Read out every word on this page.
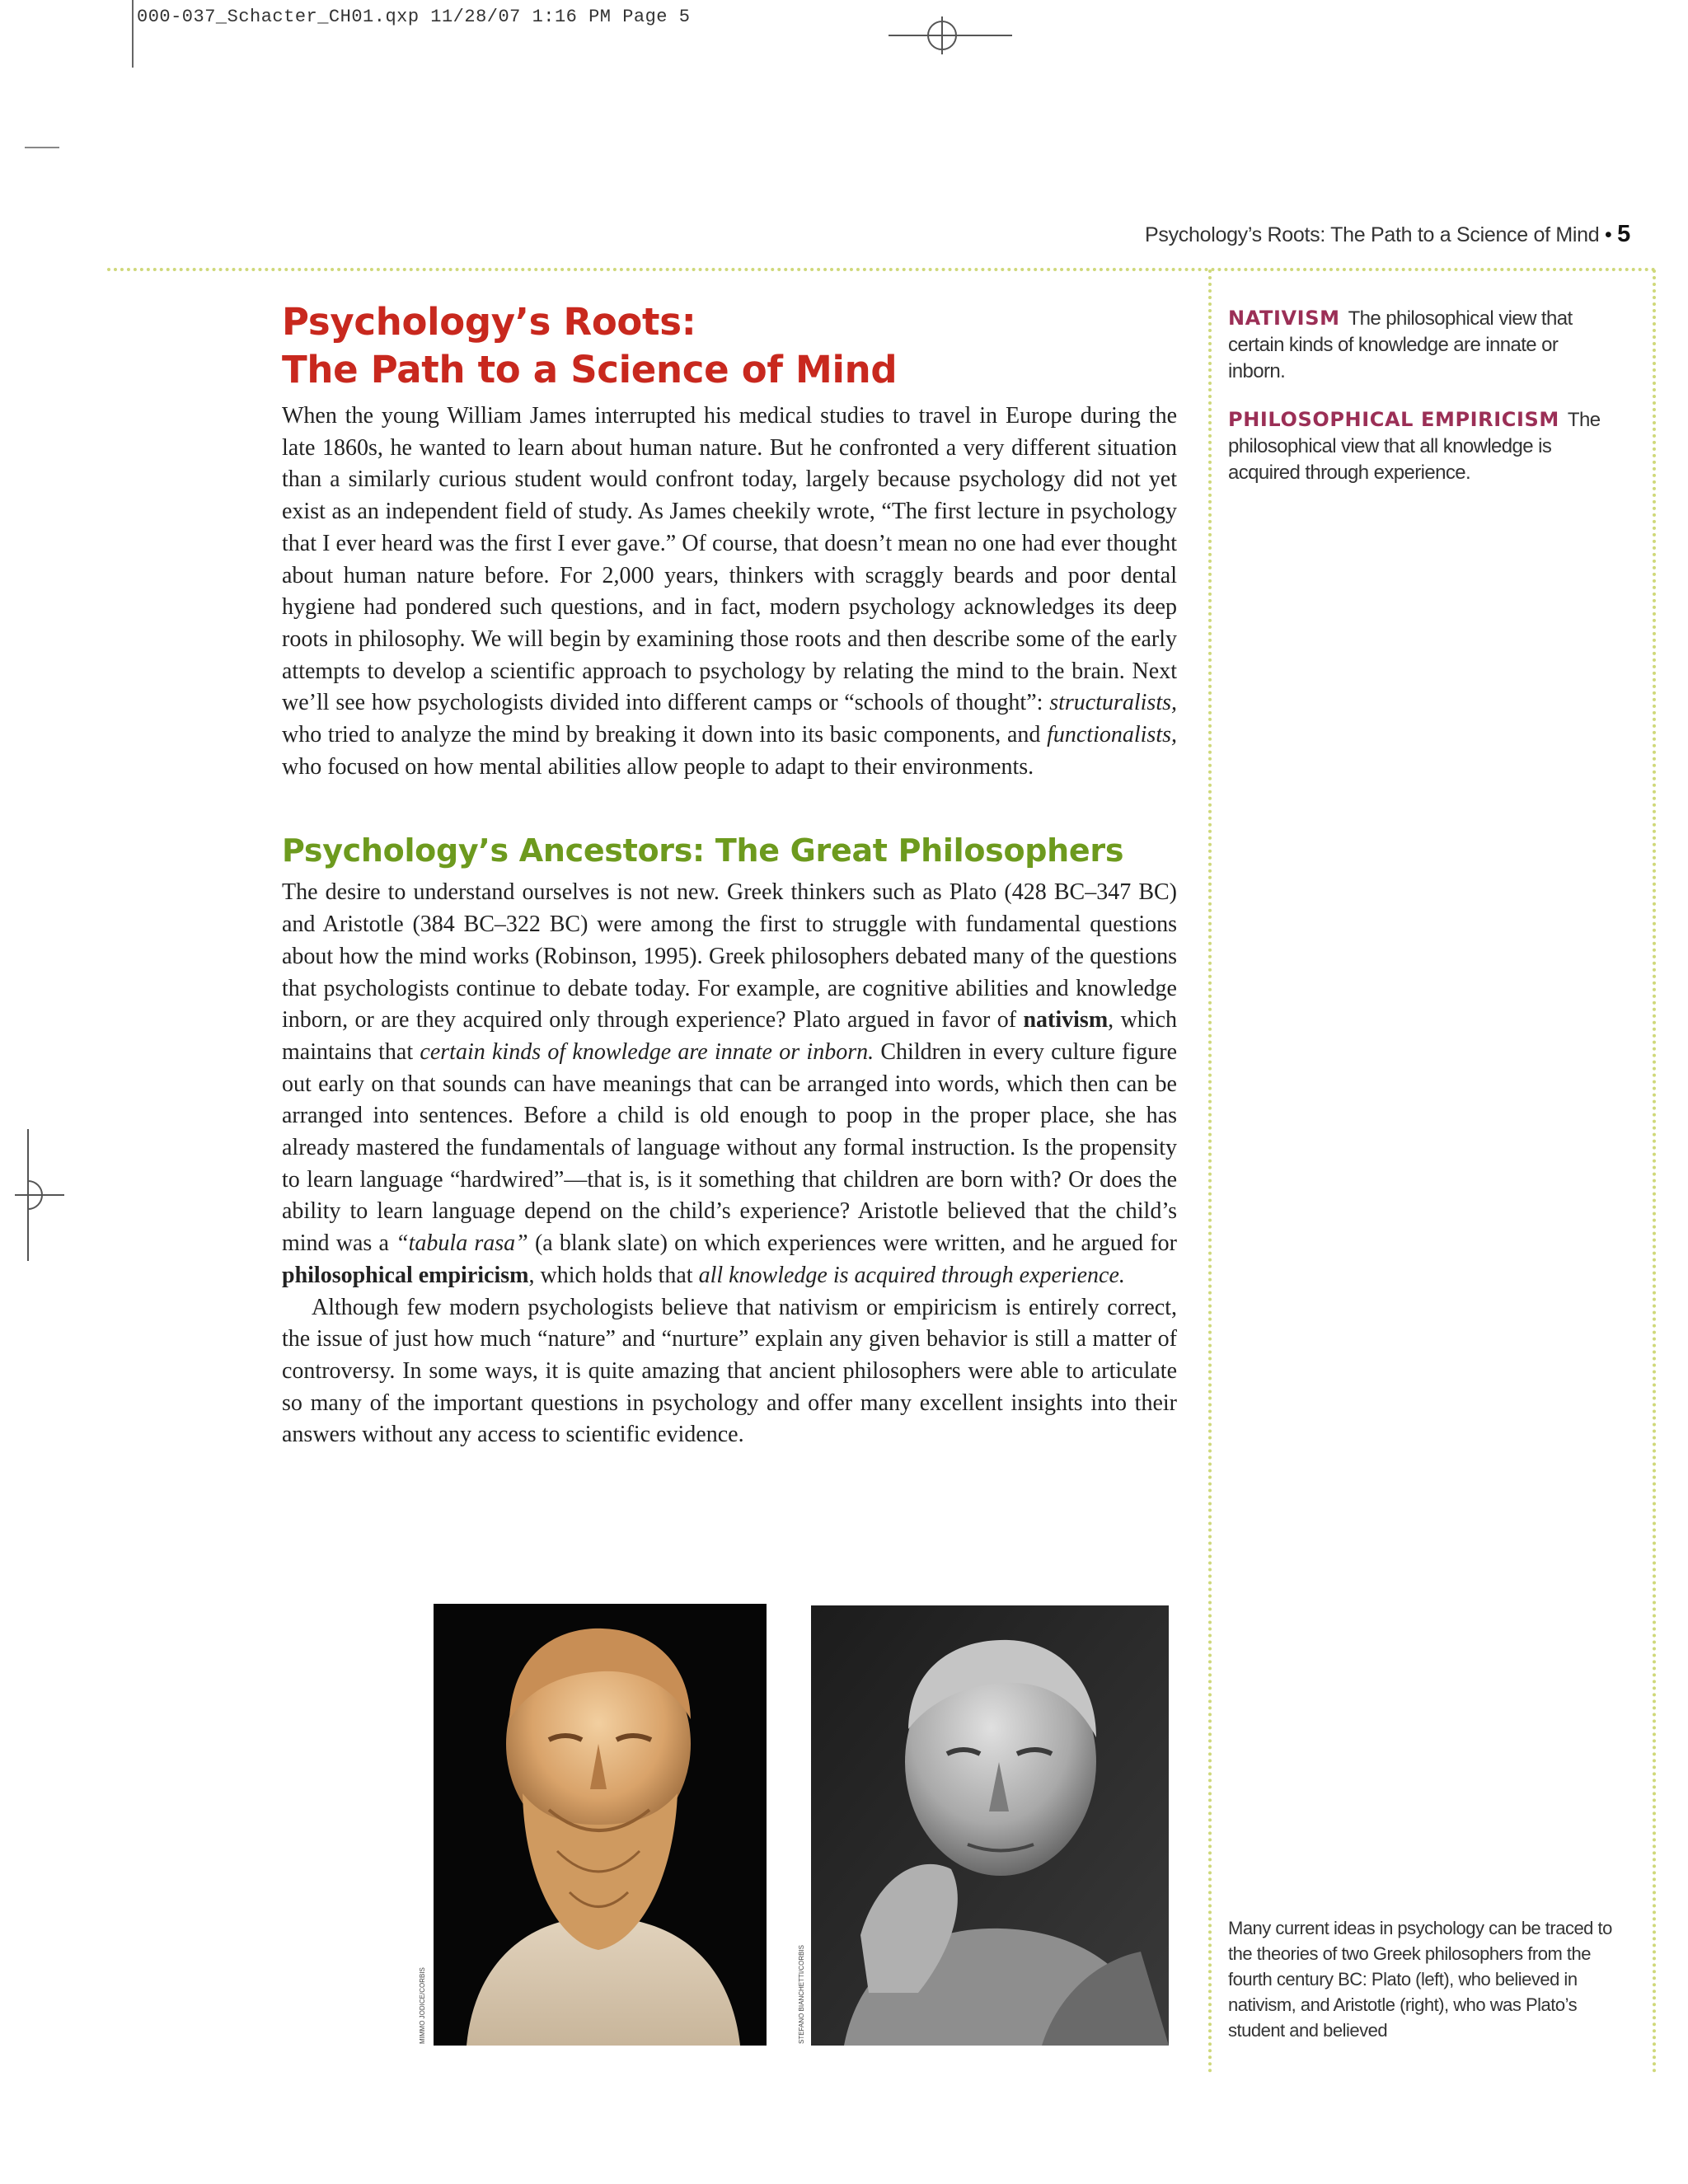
000-037_Schacter_CH01.qxp 11/28/07 1:16 PM Page 5
Psychology’s Roots: The Path to a Science of Mind • 5
Psychology’s Roots:
The Path to a Science of Mind

When the young William James interrupted his medical studies to travel in Europe during the late 1860s, he wanted to learn about human nature. But he confronted a very different situation than a similarly curious student would confront today, largely because psychology did not yet exist as an independent field of study. As James cheekily wrote, “The first lecture in psychology that I ever heard was the first I ever gave.” Of course, that doesn’t mean no one had ever thought about human nature before. For 2,000 years, thinkers with scraggly beards and poor dental hygiene had pondered such questions, and in fact, modern psychology acknowledges its deep roots in philosophy. We will begin by examining those roots and then describe some of the early attempts to develop a scientific approach to psychology by relating the mind to the brain. Next we’ll see how psychologists divided into different camps or “schools of thought”: structuralists, who tried to analyze the mind by breaking it down into its basic components, and functionalists, who focused on how mental abilities allow people to adapt to their environments.

Psychology’s Ancestors: The Great Philosophers

The desire to understand ourselves is not new. Greek thinkers such as Plato (428 BC–347 BC) and Aristotle (384 BC–322 BC) were among the first to struggle with fundamental questions about how the mind works (Robinson, 1995). Greek philosophers debated many of the questions that psychologists continue to debate today. For example, are cognitive abilities and knowledge inborn, or are they acquired only through experience? Plato argued in favor of nativism, which maintains that certain kinds of knowledge are innate or inborn. Children in every culture figure out early on that sounds can have meanings that can be arranged into words, which then can be arranged into sentences. Before a child is old enough to poop in the proper place, she has already mastered the fundamentals of language without any formal instruction. Is the propensity to learn language “hardwired”—that is, is it something that children are born with? Or does the ability to learn language depend on the child’s experience? Aristotle believed that the child’s mind was a “tabula rasa” (a blank slate) on which experiences were written, and he argued for philosophical empiricism, which holds that all knowledge is acquired through experience.

Although few modern psychologists believe that nativism or empiricism is entirely correct, the issue of just how much “nature” and “nurture” explain any given behavior is still a matter of controversy. In some ways, it is quite amazing that ancient philosophers were able to articulate so many of the important questions in psychology and offer many excellent insights into their answers without any access to scientific evidence.

MIMMO JODICE/CORBIS	STEFANO BIANCHETTI/CORBIS

NATIVISM The philosophical view that certain kinds of knowledge are innate or inborn.

PHILOSOPHICAL EMPIRICISM The philosophical view that all knowledge is acquired through experience.

Many current ideas in psychology can be traced to the theories of two Greek philosophers from the fourth century BC: Plato (left), who believed in nativism, and Aristotle (right), who was Plato’s student and believed
